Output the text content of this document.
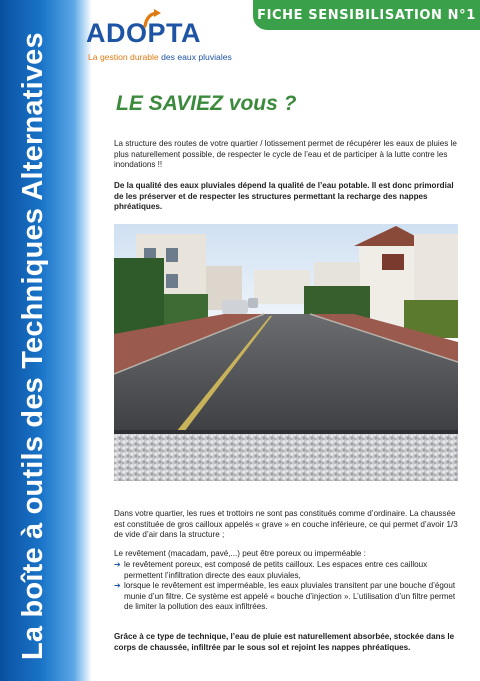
La boîte à outils des Techniques Alternatives
FICHE SENSIBILISATION N°1
ADOPTA
La gestion durable des eaux pluviales
LE SAVIEZ vous ?
La structure des routes de votre quartier / lotissement permet de récupérer les eaux de pluies le plus naturellement possible, de respecter le cycle de l’eau et de participer à la lutte contre les inondations !!
De la qualité des eaux pluviales dépend la qualité de l’eau potable. Il est donc primordial de les préserver et de respecter les structures permettant la recharge des nappes phréatiques.
Dans votre quartier, les rues et trottoirs ne sont pas constitués comme d’ordinaire. La chaussée est constituée de gros cailloux appelés « grave » en couche inférieure, ce qui permet d’avoir 1/3 de vide d’air dans la structure ;
Le revêtement (macadam, pavé,...) peut être poreux ou imperméable :
➔ le revêtement poreux, est composé de petits cailloux. Les espaces entre ces cailloux permettent l’infiltration directe des eaux pluviales,
➔ lorsque le revêtement est imperméable, les eaux pluviales transitent par une bouche d’égout munie d’un filtre. Ce système est appelé « bouche d’injection ». L’utilisation d’un filtre permet de limiter la pollution des eaux infiltrées.
Grâce à ce type de technique, l’eau de pluie est naturellement absorbée, stockée dans le corps de chaussée, infiltrée par le sous sol et rejoint les nappes phréatiques.
